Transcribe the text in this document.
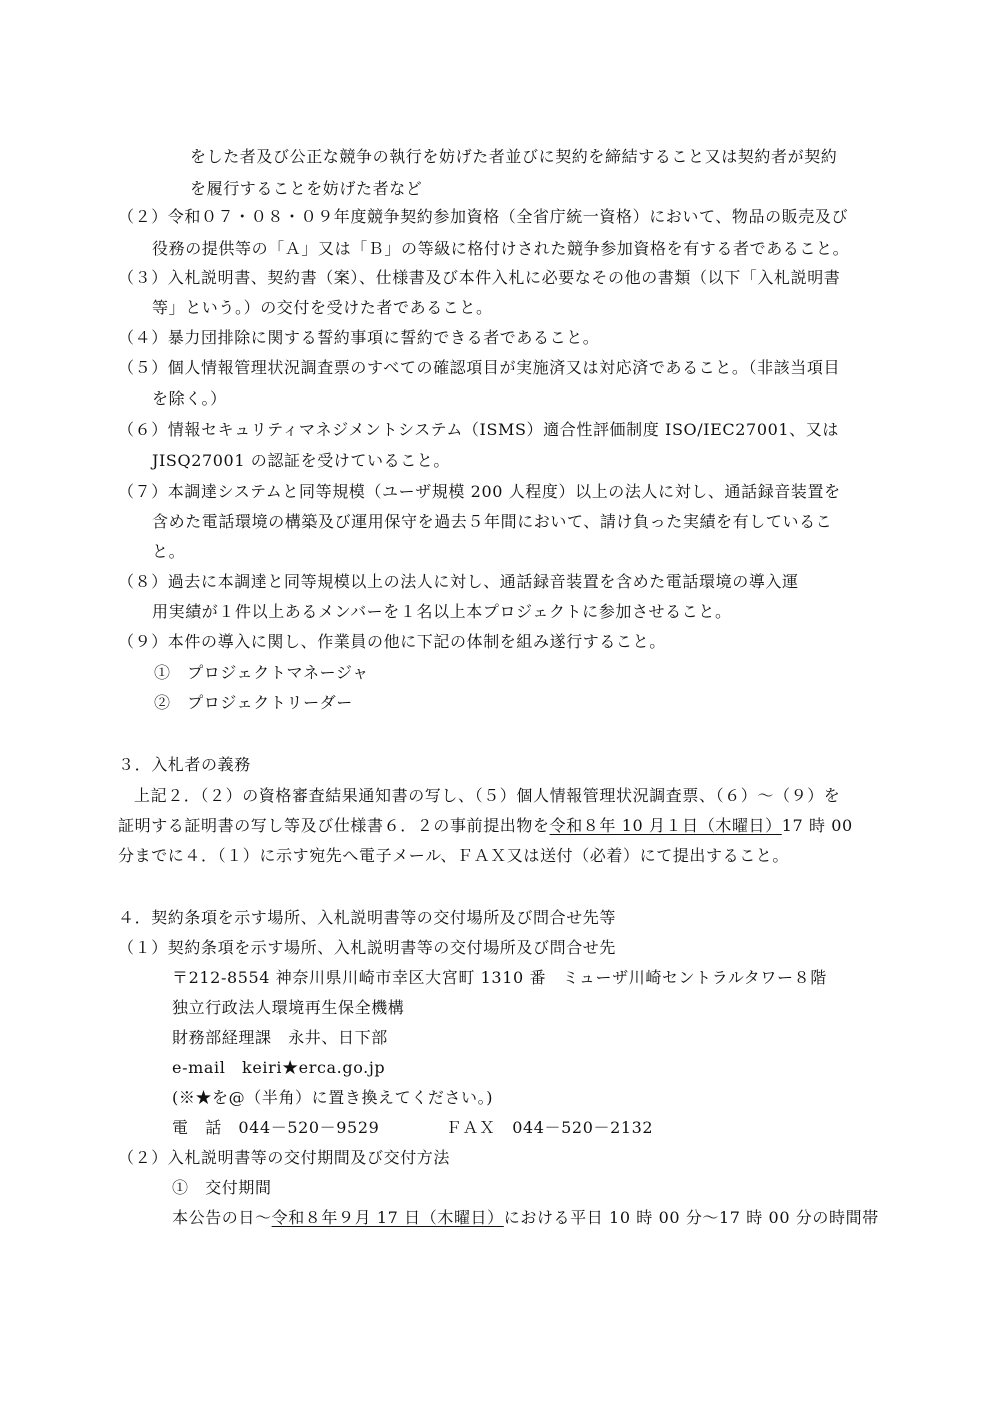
をした者及び公正な競争の執行を妨げた者並びに契約を締結すること又は契約者が契約
を履行することを妨げた者など
（２）令和０７・０８・０９年度競争契約参加資格（全省庁統一資格）において、物品の販売及び
役務の提供等の「Ａ」又は「Ｂ」の等級に格付けされた競争参加資格を有する者であること。
（３）入札説明書、契約書（案）、仕様書及び本件入札に必要なその他の書類（以下「入札説明書
等」という。）の交付を受けた者であること。
（４）暴力団排除に関する誓約事項に誓約できる者であること。
（５）個人情報管理状況調査票のすべての確認項目が実施済又は対応済であること。（非該当項目
を除く。）
（６）情報セキュリティマネジメントシステム（ISMS）適合性評価制度 ISO/IEC27001、又は
JISQ27001 の認証を受けていること。
（７）本調達システムと同等規模（ユーザ規模 200 人程度）以上の法人に対し、通話録音装置を
含めた電話環境の構築及び運用保守を過去５年間において、請け負った実績を有しているこ
と。
（８）過去に本調達と同等規模以上の法人に対し、通話録音装置を含めた電話環境の導入運
用実績が１件以上あるメンバーを１名以上本プロジェクトに参加させること。
（９）本件の導入に関し、作業員の他に下記の体制を組み遂行すること。
①　プロジェクトマネージャ
②　プロジェクトリーダー
３．入札者の義務
上記２．（２）の資格審査結果通知書の写し、（５）個人情報管理状況調査票、（６）～（９）を
証明する証明書の写し等及び仕様書６．２の事前提出物を令和８年 10 月１日（木曜日）17 時 00
分までに４．（１）に示す宛先へ電子メール、ＦＡＸ又は送付（必着）にて提出すること。
４．契約条項を示す場所、入札説明書等の交付場所及び問合せ先等
（１）契約条項を示す場所、入札説明書等の交付場所及び問合せ先
〒212-8554 神奈川県川崎市幸区大宮町 1310 番　ミューザ川崎セントラルタワー８階
独立行政法人環境再生保全機構
財務部経理課　永井、日下部
e-mail　keiri★erca.go.jp
(※★を@（半角）に置き換えてください。)
電　話　044－520－9529　　　　ＦＡＸ　044－520－2132
（２）入札説明書等の交付期間及び交付方法
①　交付期間
本公告の日～令和８年９月 17 日（木曜日）における平日 10 時 00 分～17 時 00 分の時間帯
